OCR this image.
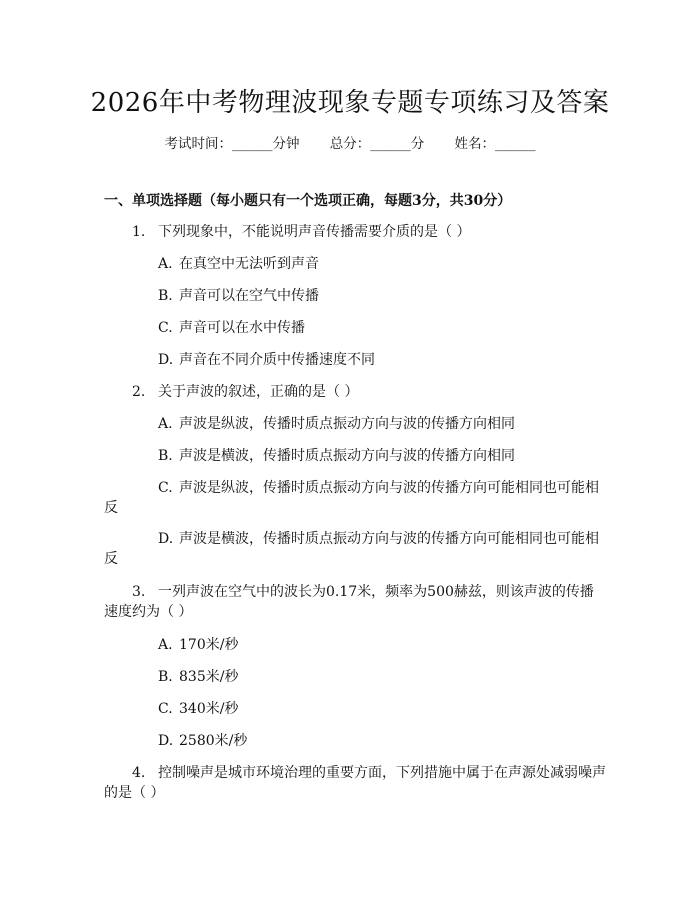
2026年中考物理波现象专题专项练习及答案
考试时间：______分钟 总分：______分 姓名：______
一、单项选择题（每小题只有一个选项正确，每题3分，共30分）
1. 下列现象中，不能说明声音传播需要介质的是（ ）
A. 在真空中无法听到声音
B. 声音可以在空气中传播
C. 声音可以在水中传播
D. 声音在不同介质中传播速度不同
2. 关于声波的叙述，正确的是（ ）
A. 声波是纵波，传播时质点振动方向与波的传播方向相同
B. 声波是横波，传播时质点振动方向与波的传播方向相同
C. 声波是纵波，传播时质点振动方向与波的传播方向可能相同也可能相
反
D. 声波是横波，传播时质点振动方向与波的传播方向可能相同也可能相
反
3. 一列声波在空气中的波长为0.17米，频率为500赫兹，则该声波的传播
速度约为（ ）
A. 170米/秒
B. 835米/秒
C. 340米/秒
D. 2580米/秒
4. 控制噪声是城市环境治理的重要方面，下列措施中属于在声源处减弱噪声
的是（ ）
